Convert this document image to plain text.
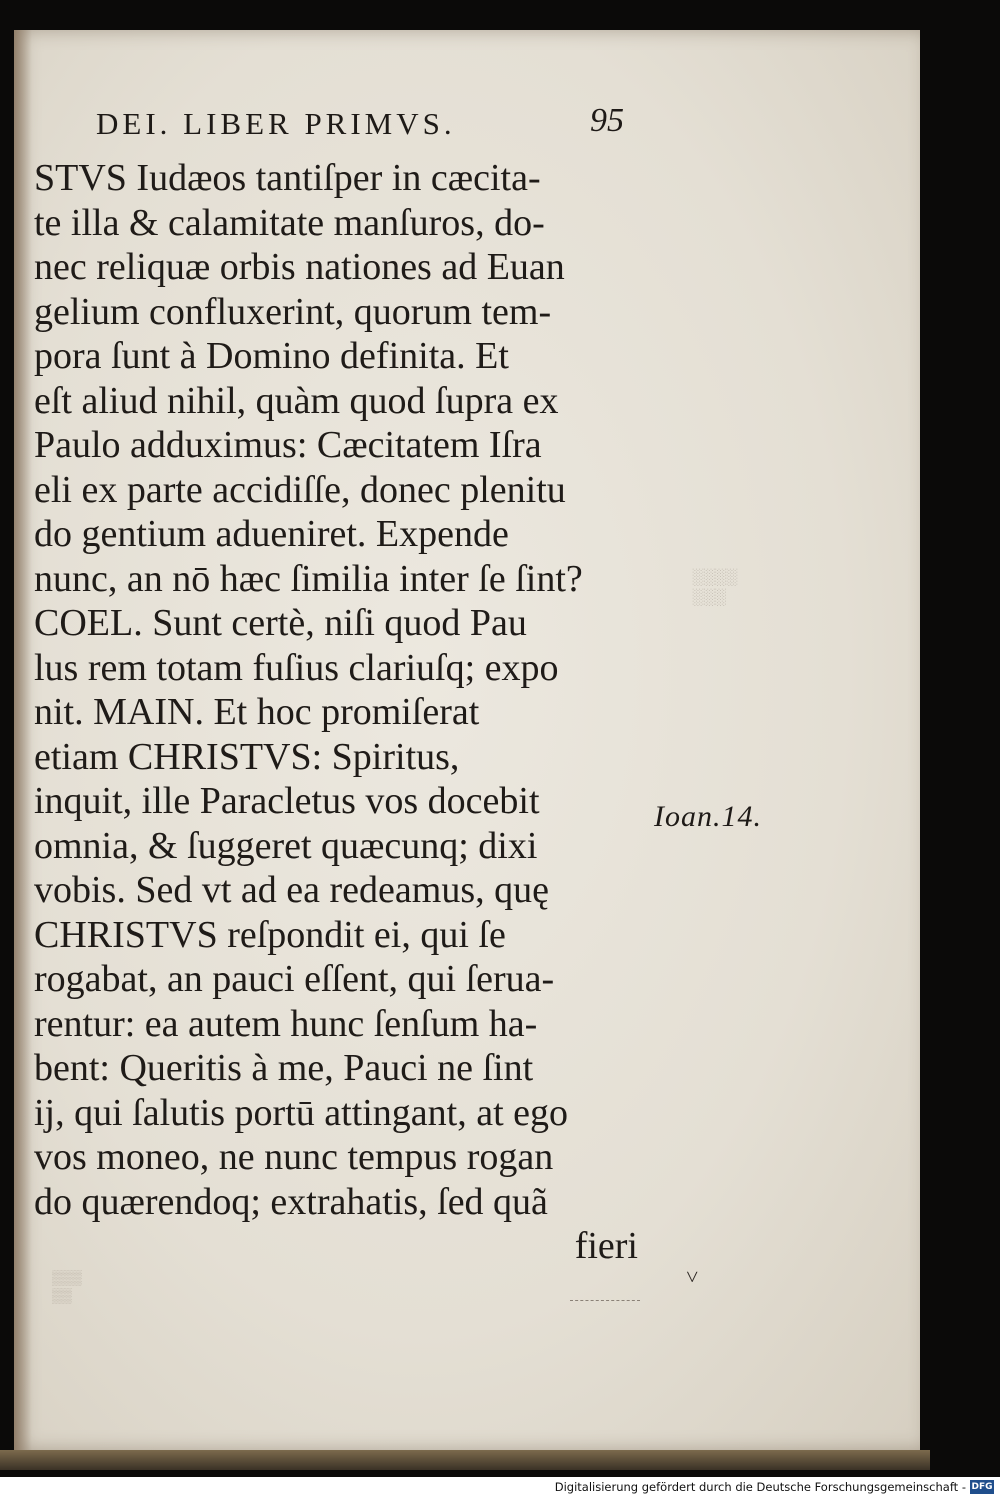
DEI. LIBER PRIMVS.	95
STVS Iudæos tantiſper in cæcita-
te illa & calamitate manſuros, do-
nec reliquæ orbis nationes ad Euan
gelium confluxerint, quorum tem-
pora ſunt à Domino definita. Et
eſt aliud nihil, quàm quod ſupra ex
Paulo adduximus: Cæcitatem Iſra
eli ex parte accidiſſe, donec plenitu
do gentium adueniret. Expende
nunc, an nō hæc ſimilia inter ſe ſint?
COEL. Sunt certè, niſi quod Pau
lus rem totam fuſius clariuſq; expo
nit. MAIN. Et hoc promiſerat
etiam CHRISTVS: Spiritus,
inquit, ille Paracletus vos docebit
omnia, & ſuggeret quæcunq; dixi
vobis. Sed vt ad ea redeamus, quę
CHRISTVS reſpondit ei, qui ſe
rogabat, an pauci eſſent, qui ſerua-
rentur: ea autem hunc ſenſum ha-
bent: Queritis à me, Pauci ne ſint
ij, qui ſalutis portū attingant, at ego
vos moneo, ne nunc tempus rogan
do quærendoq; extrahatis, ſed quã
fieri
Ioan.14.
░░░░
░░░
▒▒▒
▒▒
˅
Digitalisierung gefördert durch die Deutsche Forschungsgemeinschaft - DFG
